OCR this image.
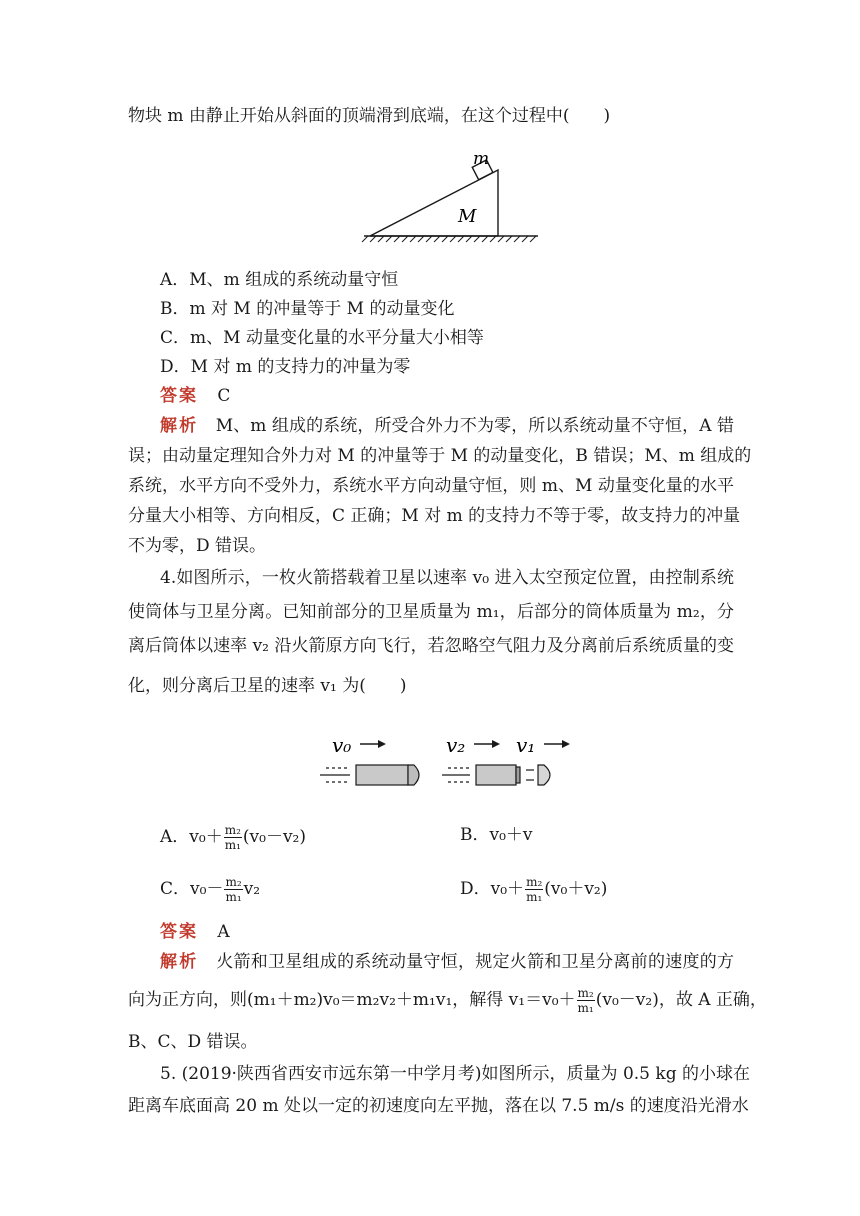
物块 m 由静止开始从斜面的顶端滑到底端，在这个过程中(　　)
m
M
A．M、m 组成的系统动量守恒
B．m 对 M 的冲量等于 M 的动量变化
C．m、M 动量变化量的水平分量大小相等
D．M 对 m 的支持力的冲量为零
答案 C
解析 M、m 组成的系统，所受合外力不为零，所以系统动量不守恒，A 错
误；由动量定理知合外力对 M 的冲量等于 M 的动量变化，B 错误；M、m 组成的
系统，水平方向不受外力，系统水平方向动量守恒，则 m、M 动量变化量的水平
分量大小相等、方向相反，C 正确；M 对 m 的支持力不等于零，故支持力的冲量
不为零，D 错误。
4.如图所示，一枚火箭搭载着卫星以速率 v₀ 进入太空预定位置，由控制系统
使筒体与卫星分离。已知前部分的卫星质量为 m₁，后部分的筒体质量为 m₂，分
离后筒体以速率 v₂ 沿火箭原方向飞行，若忽略空气阻力及分离前后系统质量的变
化，则分离后卫星的速率 v₁ 为(　　)
v₀	v₂	v₁
A．$v_0+ \frac{\text{m₂}}{\text{m₁}} (v_0-v_2)$	B．v₀＋v
C．$v_0- \frac{\text{m₂}}{\text{m₁}} v_2$	D．$v_0+ \frac{\text{m₂}}{\text{m₁}} (v_0+v_2)$
答案 A
解析 火箭和卫星组成的系统动量守恒，规定火箭和卫星分离前的速度的方
向为正方向，则(m₁＋m₂)v₀＝m₂v₂＋m₁v₁，解得 $v_1=v_0+ \frac{\text{m₂}}{\text{m₁}} (v_0-v_2)$，故 A 正确，
B、C、D 错误。
5. (2019·陕西省西安市远东第一中学月考)如图所示，质量为 0.5 kg 的小球在
距离车底面高 20 m 处以一定的初速度向左平抛，落在以 7.5 m/s 的速度沿光滑水
